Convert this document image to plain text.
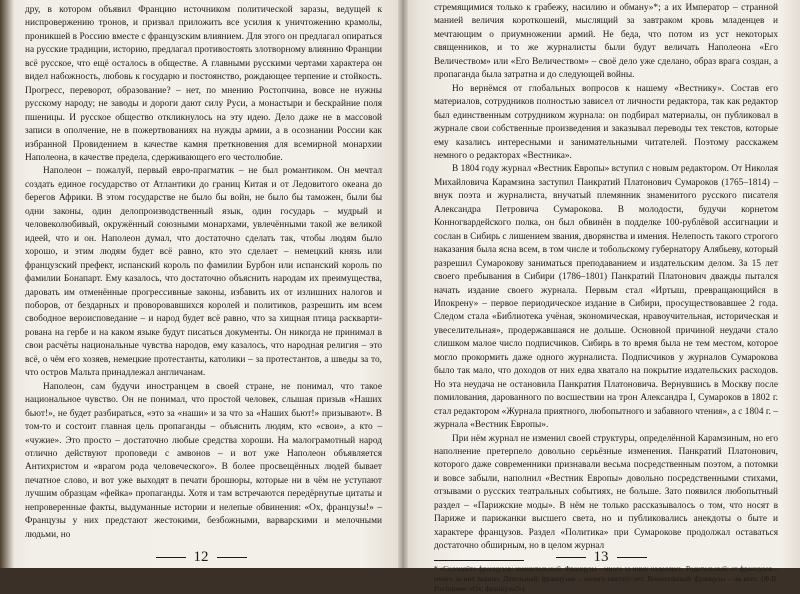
дру, в котором объявил Францию источником политической заразы, ведущей к ниспровержению тронов, и призвал приложить все усилия к уничтожению крамолы, проникшей в Россию вместе с французским влиянием. Для этого он предлагал опираться на русские традиции, историю, предлагал противостоять злотворному влиянию Франции всё русское, что ещё осталось в обществе. А главными русскими чертами характера он видел набожность, любовь к государю и постоянство, рождающее терпение и стойкость. Прогресс, переворот, образование? – нет, по мнению Ростопчина, вовсе не нужны русскому народу; не заводы и дороги дают силу Руси, а монастыри и бескрайние поля пшеницы. И русское общество откликнулось на эту идею. Дело даже не в массовой записи в ополчение, не в пожертвованиях на нужды армии, а в осознании России как избранной Провидением в качестве камня преткновения для всемирной монархии Наполеона, в качестве предела, сдерживающего его честолюбие.

Наполеон – пожалуй, первый евро-прагматик – не был романтиком. Он мечтал создать единое государство от Атлантики до границ Китая и от Ледовитого океана до берегов Африки. В этом государстве не было бы войн, не было бы таможен, были бы одни законы, один делопроизводственный язык, один государь – мудрый и человеколюбивый, окружённый союзными монархами, увлечёнными такой же великой идеей, что и он. Наполеон думал, что достаточно сделать так, чтобы людям было хорошо, и этим людям будет всё равно, кто это сделает – немецкий князь или французский префект, испанский король по фамилии Бурбон или испанский король по фамилии Бонапарт. Ему казалось, что достаточно объяснить народам их преимущества, даровать им отменённые прогрессивные законы, избавить их от излишних налогов и поборов, от бездарных и проворовавшихся королей и политиков, разрешить им всем свободное вероисповедание – и народ будет всё равно, что за хищная птица расквартирована на гербе и на каком языке будут писаться документы. Он никогда не принимал в свои расчёты национальные чувства народов, ему казалось, что народная религия – это всё, о чём его хозяев, немецкие протестанты, католики – за протестантов, а шведы за то, что остров Мальта принадлежал англичанам.

Наполеон, сам будучи иностранцем в своей стране, не понимал, что такое национальное чувство. Он не понимал, что простой человек, слышая призыв «Наших бьют!», не будет разбираться, «это за «наши» и за что за «Наших бьют!» призывают». В том-то и состоит главная цель пропаганды – объяснить людям, кто «свои», а кто – «чужие». Это просто – достаточно любые средства хороши. На малограмотный народ отлично действуют проповеди с амвонов – и вот уже Наполеон объявляется Антихристом и «врагом рода человеческого». В более просвещённых людей бывает печатное слово, и вот уже выходят в печати брошюры, которые ни в чём не уступают лучшим образцам «фейка» пропаганды. Хотя и там встречаются передёрнутые цитаты и непроверенные факты, выдуманные истории и нелепые обвинения: «Ох, французы!» – Французы у них предстают жестокими, безбожными, варварскими и мелочными людьми, но

12

стремящимися только к грабежу, насилию и обману»*; а их Император – странной манией величия короткошеий, мыслящий за завтраком кровь младенцев и мечтающим о приумножении армий. Не беда, что потом из уст некоторых священников, и то же журналисты были будут величать Наполеона «Его Величеством» или «Его Величеством» – своё дело уже сделано, образ врага создан, а пропаганда была затратна и до следующей войны.

Но вернёмся от глобальных вопросов к нашему «Вестнику». Состав его материалов, сотрудников полностью зависел от личности редактора, так как редактор был единственным сотрудником журнала: он подбирал материалы, он публиковал в журнале свои собственные произведения и заказывал переводы тех текстов, которые ему казались интересными и занимательными читателей. Поэтому расскажем немного о редакторах «Вестника».

В 1804 году журнал «Вестник Европы» вступил с новым редактором. От Николая Михайловича Карамзина заступил Панкратий Платонович Сумароков (1765–1814) – внук поэта и журналиста, внучатый племянник знаменитого русского писателя Александра Петровича Сумарокова. В молодости, будучи корнетом Конногвардейского полка, он был обвинён в подделке 100-рублёвой ассигнации и сослан в Сибирь с лишением звания, дворянства и имения. Нелепость такого строгого наказания была ясна всем, в том числе и тобольскому губернатору Алябьеву, который разрешил Сумарокову заниматься преподаванием и издательским делом. За 15 лет своего пребывания в Сибири (1786–1801) Панкратий Платонович дважды пытался начать издание своего журнала. Первым стал «Иртыш, превращающийся в Ипокрену» – первое периодическое издание в Сибири, просуществовавшее 2 года. Следом стала «Библиотека учёная, экономическая, нравоучительная, историческая и увеселительная», продержавшаяся не дольше. Основной причиной неудачи стало слишком малое число подписчиков. Сибирь в то время была не тем местом, которое могло прокормить даже одного журналиста. Подписчиков у журналов Сумарокова было так мало, что доходов от них едва хватало на покрытие издательских расходов. Но эта неудача не остановила Панкратия Платоновича. Вернувшись в Москву после помилования, дарованного по восшествии на трон Александра I, Сумароков в 1802 г. стал редактором «Журнала приятного, любопытного и забавного чтения», а с 1804 г. – журнала «Вестник Европы».

При нём журнал не изменил своей структуры, определённой Карамзиным, но его наполнение претерпело довольно серьёзные изменения. Панкратий Платонович, которого даже современники признавали весьма посредственным поэтом, а потомки и вовсе забыли, наполнил «Вестник Европы» довольно посредственными стихами, отзывами о русских театральных событиях, не больше. Зато появился любопытный раздел – «Парижские моды». В нём не только рассказывалось о том, что носят в Париже и парижанки высшего света, но и публиковались анекдоты о быте и характере французов. Раздел «Политика» при Сумарокове продолжал оставаться достаточно обширным, но в целом журнал

* «Склоняйте французов: именительный. Французы – много за ними надеялись. Родительный: от французов – много за них вышло. Дательный: французам – ничего святого нет. Винительный: французы – на всех. (Ф.В. Ростопчин «Ох, французы!»).

13
